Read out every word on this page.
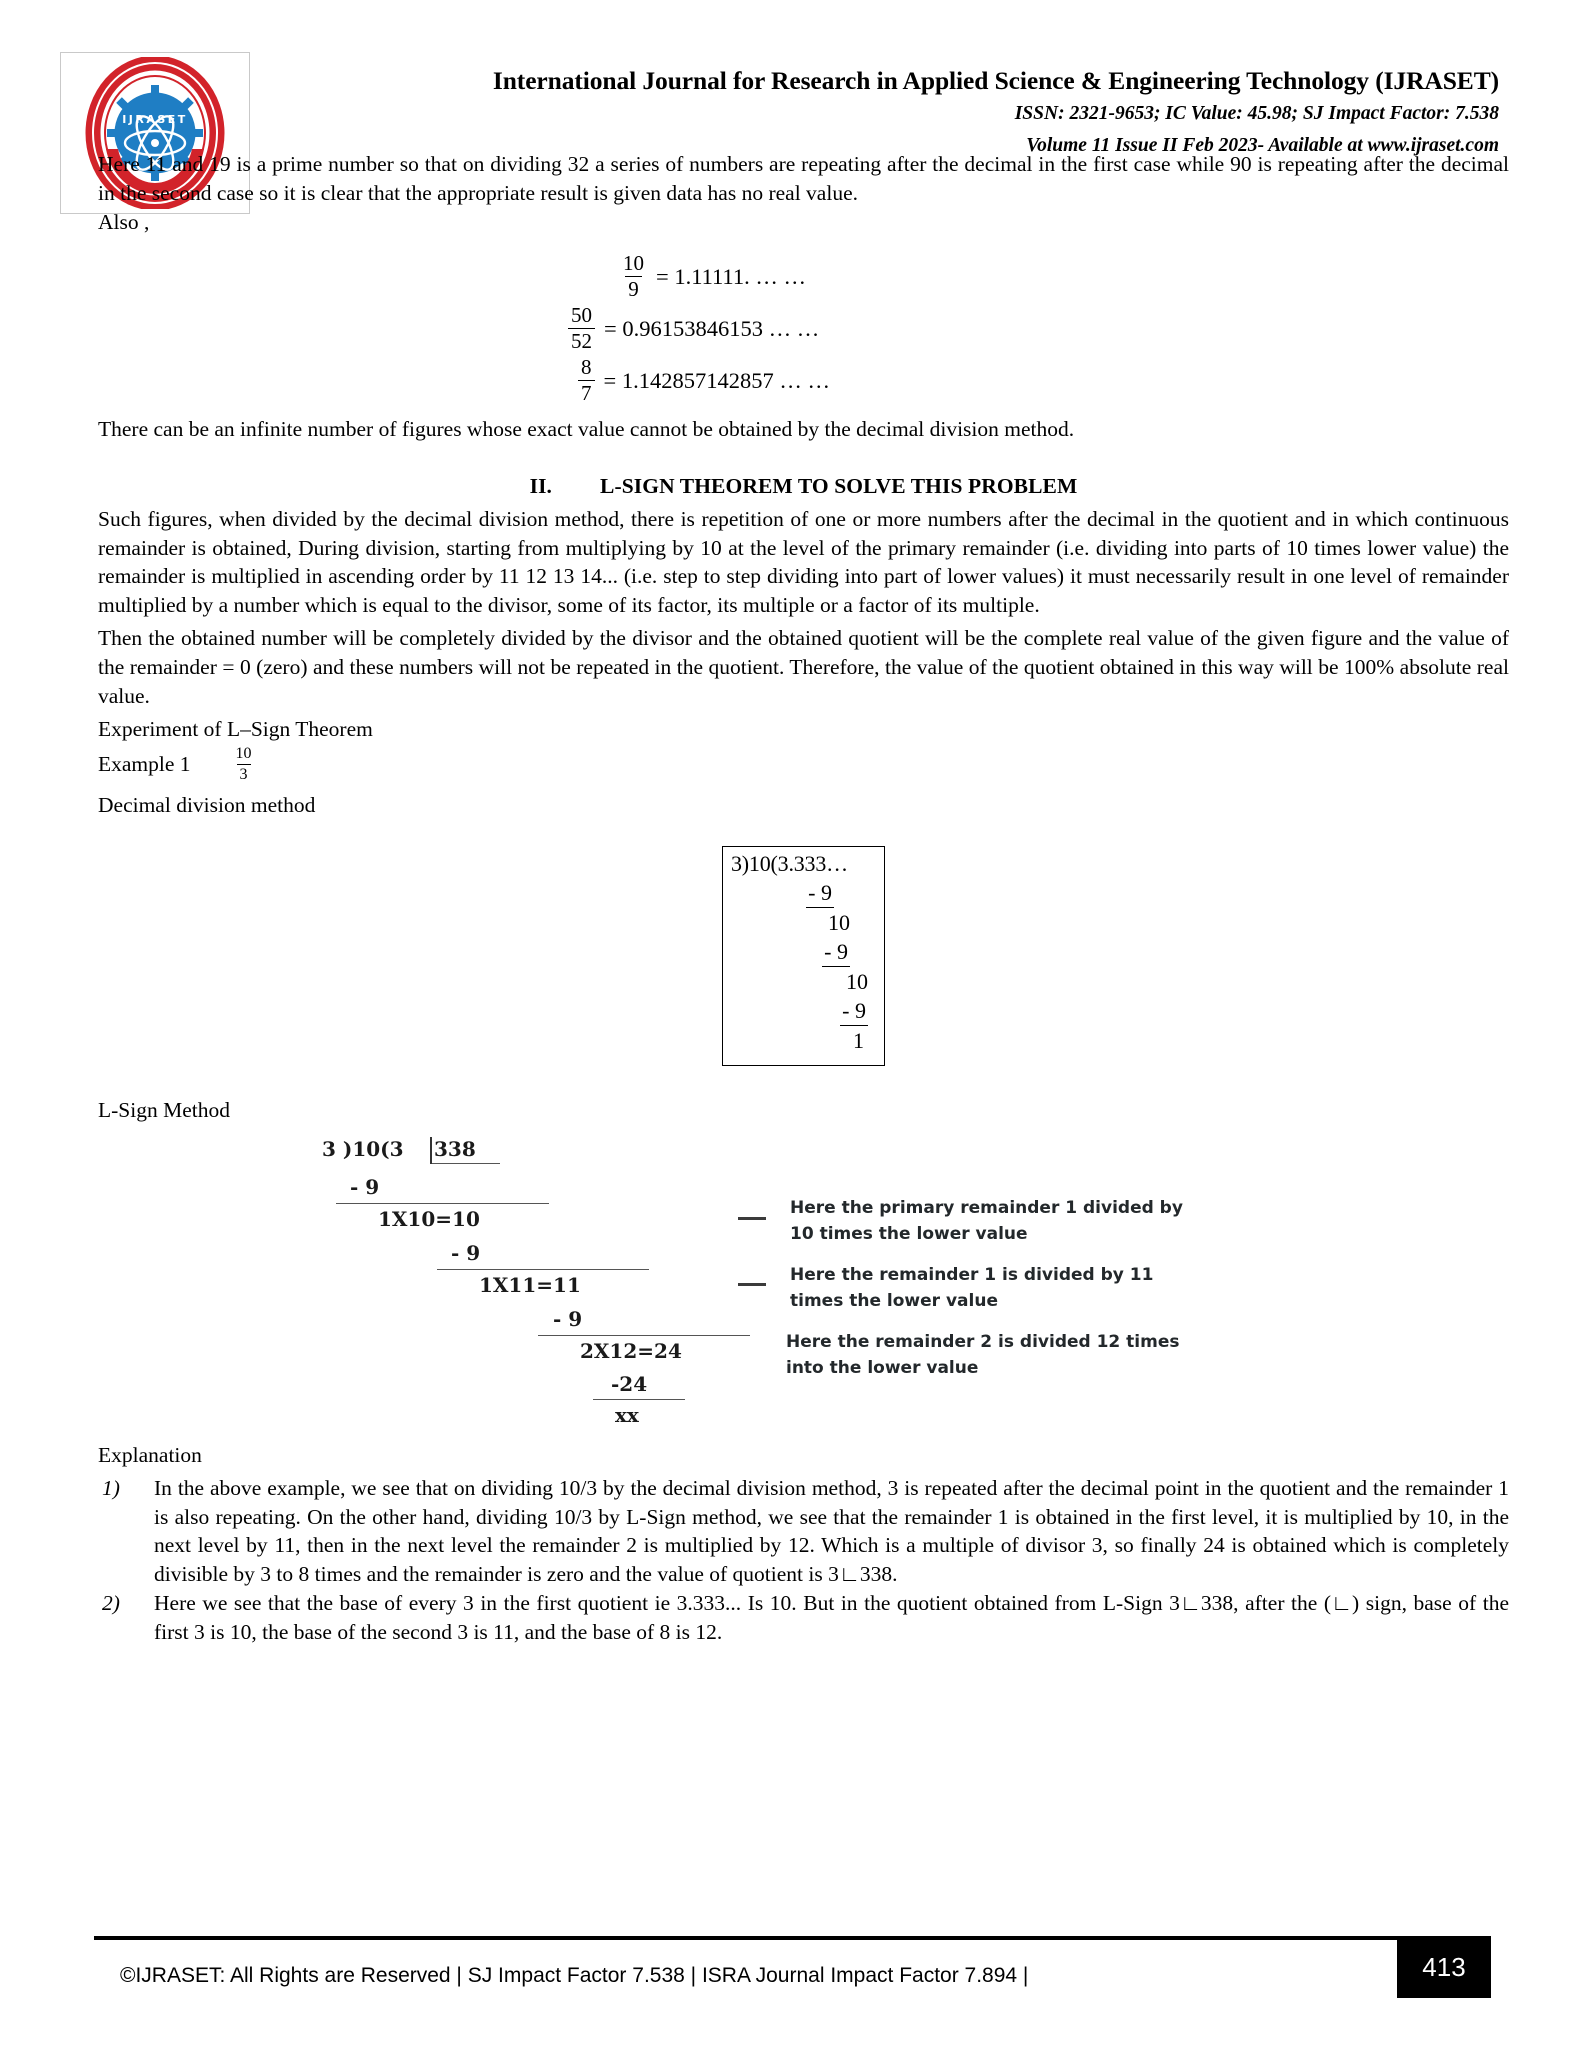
IJRASET
International Journal for Research in Applied Science & Engineering Technology (IJRASET)
ISSN: 2321-9653; IC Value: 45.98; SJ Impact Factor: 7.538
Volume 11 Issue II Feb 2023- Available at www.ijraset.com

Here 11 and 19 is a prime number so that on dividing 32 a series of numbers are repeating after the decimal in the first case while 90 is repeating after the decimal in the second case so it is clear that the appropriate result is given data has no real value.

Also ,

$\frac{10}{9} = 1.11111$. … …
$\frac{50}{52} = 0.96153846153$ … …
$\frac{8}{7} = 1.142857142857$ … …

There can be an infinite number of figures whose exact value cannot be obtained by the decimal division method.

II. L-SIGN THEOREM TO SOLVE THIS PROBLEM

Such figures, when divided by the decimal division method, there is repetition of one or more numbers after the decimal in the quotient and in which continuous remainder is obtained, During division, starting from multiplying by 10 at the level of the primary remainder (i.e. dividing into parts of 10 times lower value) the remainder is multiplied in ascending order by 11 12 13 14... (i.e. step to step dividing into part of lower values) it must necessarily result in one level of remainder multiplied by a number which is equal to the divisor, some of its factor, its multiple or a factor of its multiple.

Then the obtained number will be completely divided by the divisor and the obtained quotient will be the complete real value of the given figure and the value of the remainder = 0 (zero) and these numbers will not be repeated in the quotient. Therefore, the value of the quotient obtained in this way will be 100% absolute real value.

Experiment of L–Sign Theorem

Example 1	$\frac{10}{3}$

Decimal division method

3)10(3.333…
- 9
10
- 9
10
- 9
1

L-Sign Method

3 )10(3 338
- 9
1X10=10
- 9
1X11=11
- 9
2X12=24
-24
xx
Here the primary remainder 1 divided by
10 times the lower value
Here the remainder 1 is divided by 11
times the lower value
Here the remainder 2 is divided 12 times
into the lower value

Explanation

In the above example, we see that on dividing 10/3 by the decimal division method, 3 is repeated after the decimal point in the quotient and the remainder 1 is also repeating. On the other hand, dividing 10/3 by L-Sign method, we see that the remainder 1 is obtained in the first level, it is multiplied by 10, in the next level by 11, then in the next level the remainder 2 is multiplied by 12. Which is a multiple of divisor 3, so finally 24 is obtained which is completely divisible by 3 to 8 times and the remainder is zero and the value of quotient is 3∟338.
Here we see that the base of every 3 in the first quotient ie 3.333... Is 10. But in the quotient obtained from L-Sign 3∟338, after the (∟) sign, base of the first 3 is 10, the base of the second 3 is 11, and the base of 8 is 12.
©IJRASET: All Rights are Reserved | SJ Impact Factor 7.538 | ISRA Journal Impact Factor 7.894 |	413
